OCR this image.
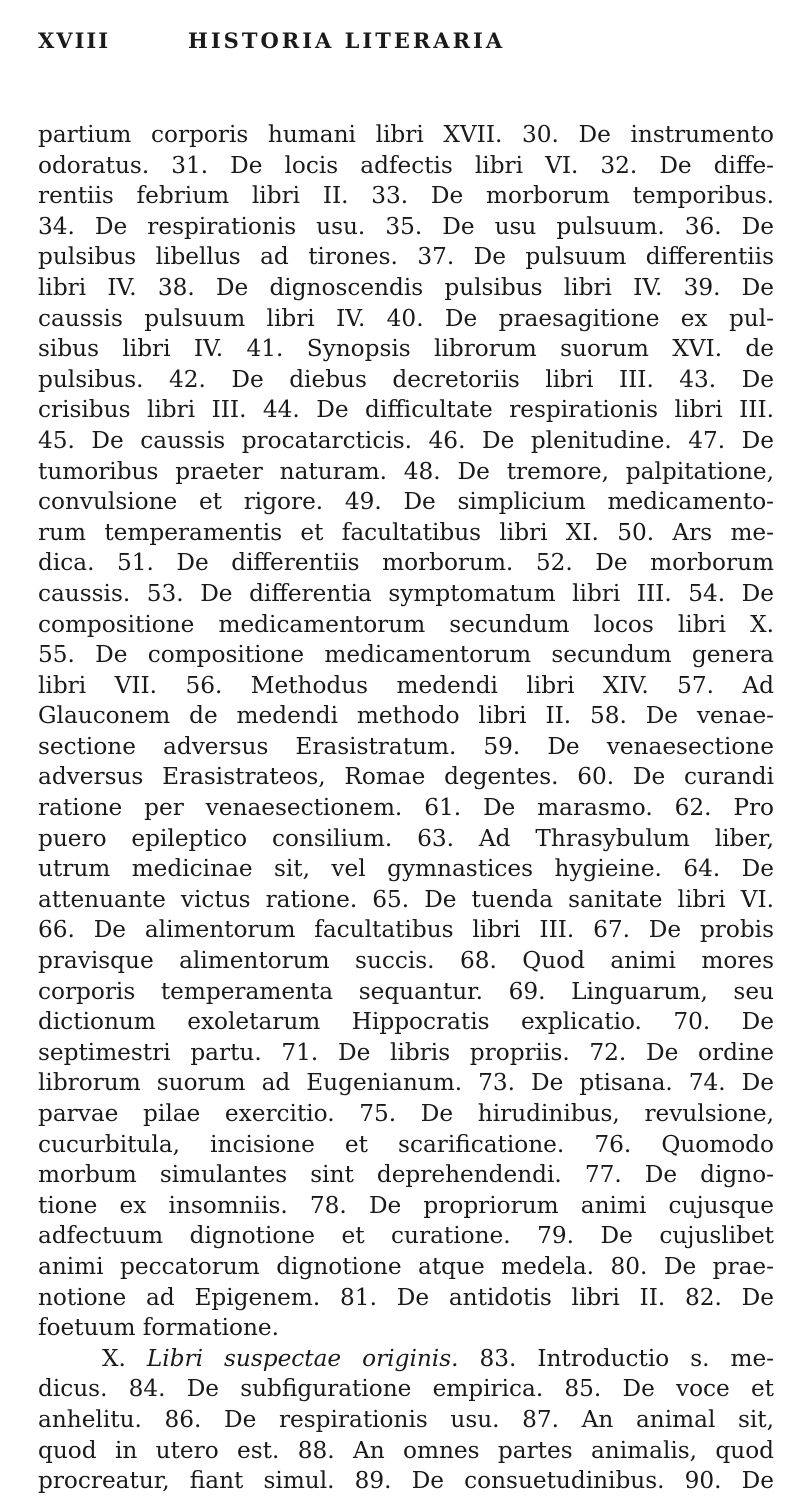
XVIII	HISTORIA LITERARIA
partium corporis humani libri XVII. 30. De instrumento
odoratus. 31. De locis adfectis libri VI. 32. De diffe-
rentiis febrium libri II. 33. De morborum temporibus.
34. De respirationis usu. 35. De usu pulsuum. 36. De
pulsibus libellus ad tirones. 37. De pulsuum differentiis
libri IV. 38. De dignoscendis pulsibus libri IV. 39. De
caussis pulsuum libri IV. 40. De praesagitione ex pul-
sibus libri IV. 41. Synopsis librorum suorum XVI. de
pulsibus. 42. De diebus decretoriis libri III. 43. De
crisibus libri III. 44. De difficultate respirationis libri III.
45. De caussis procatarcticis. 46. De plenitudine. 47. De
tumoribus praeter naturam. 48. De tremore, palpitatione,
convulsione et rigore. 49. De simplicium medicamento-
rum temperamentis et facultatibus libri XI. 50. Ars me-
dica. 51. De differentiis morborum. 52. De morborum
caussis. 53. De differentia symptomatum libri III. 54. De
compositione medicamentorum secundum locos libri X.
55. De compositione medicamentorum secundum genera
libri VII. 56. Methodus medendi libri XIV. 57. Ad
Glauconem de medendi methodo libri II. 58. De venae-
sectione adversus Erasistratum. 59. De venaesectione
adversus Erasistrateos, Romae degentes. 60. De curandi
ratione per venaesectionem. 61. De marasmo. 62. Pro
puero epileptico consilium. 63. Ad Thrasybulum liber,
utrum medicinae sit, vel gymnastices hygieine. 64. De
attenuante victus ratione. 65. De tuenda sanitate libri VI.
66. De alimentorum facultatibus libri III. 67. De probis
pravisque alimentorum succis. 68. Quod animi mores
corporis temperamenta sequantur. 69. Linguarum, seu
dictionum exoletarum Hippocratis explicatio. 70. De
septimestri partu. 71. De libris propriis. 72. De ordine
librorum suorum ad Eugenianum. 73. De ptisana. 74. De
parvae pilae exercitio. 75. De hirudinibus, revulsione,
cucurbitula, incisione et scarificatione. 76. Quomodo
morbum simulantes sint deprehendendi. 77. De digno-
tione ex insomniis. 78. De propriorum animi cujusque
adfectuum dignotione et curatione. 79. De cujuslibet
animi peccatorum dignotione atque medela. 80. De prae-
notione ad Epigenem. 81. De antidotis libri II. 82. De
foetuum formatione.
X. Libri suspectae originis. 83. Introductio s. me-
dicus. 84. De subfiguratione empirica. 85. De voce et
anhelitu. 86. De respirationis usu. 87. An animal sit,
quod in utero est. 88. An omnes partes animalis, quod
procreatur, fiant simul. 89. De consuetudinibus. 90. De
